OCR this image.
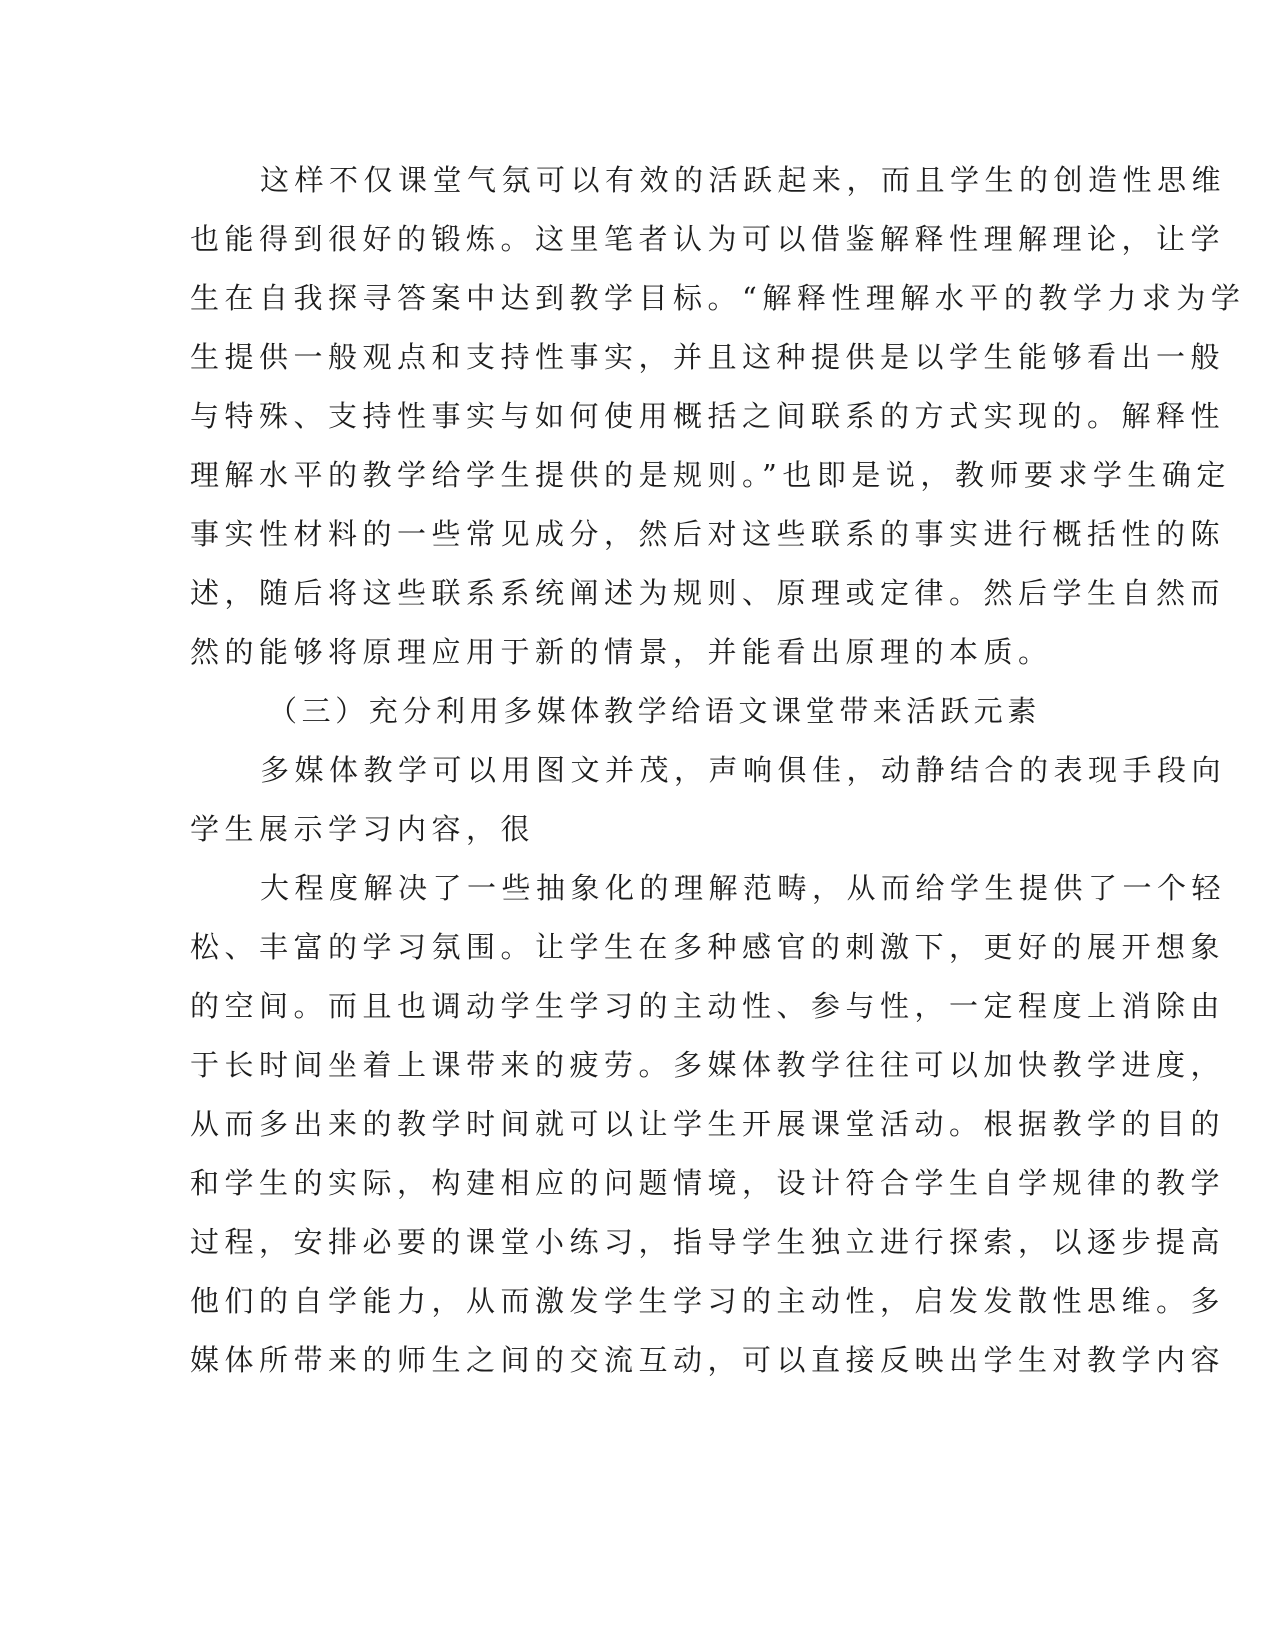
这样不仅课堂气氛可以有效的活跃起来，而且学生的创造性思维
也能得到很好的锻炼。这里笔者认为可以借鉴解释性理解理论，让学
生在自我探寻答案中达到教学目标。“解释性理解水平的教学力求为学
生提供一般观点和支持性事实，并且这种提供是以学生能够看出一般
与特殊、支持性事实与如何使用概括之间联系的方式实现的。解释性
理解水平的教学给学生提供的是规则。”也即是说，教师要求学生确定
事实性材料的一些常见成分，然后对这些联系的事实进行概括性的陈
述，随后将这些联系系统阐述为规则、原理或定律。然后学生自然而
然的能够将原理应用于新的情景，并能看出原理的本质。
（三）充分利用多媒体教学给语文课堂带来活跃元素
多媒体教学可以用图文并茂，声响俱佳，动静结合的表现手段向
学生展示学习内容，很
大程度解决了一些抽象化的理解范畴，从而给学生提供了一个轻
松、丰富的学习氛围。让学生在多种感官的刺激下，更好的展开想象
的空间。而且也调动学生学习的主动性、参与性，一定程度上消除由
于长时间坐着上课带来的疲劳。多媒体教学往往可以加快教学进度，
从而多出来的教学时间就可以让学生开展课堂活动。根据教学的目的
和学生的实际，构建相应的问题情境，设计符合学生自学规律的教学
过程，安排必要的课堂小练习，指导学生独立进行探索，以逐步提高
他们的自学能力，从而激发学生学习的主动性，启发发散性思维。多
媒体所带来的师生之间的交流互动，可以直接反映出学生对教学内容
